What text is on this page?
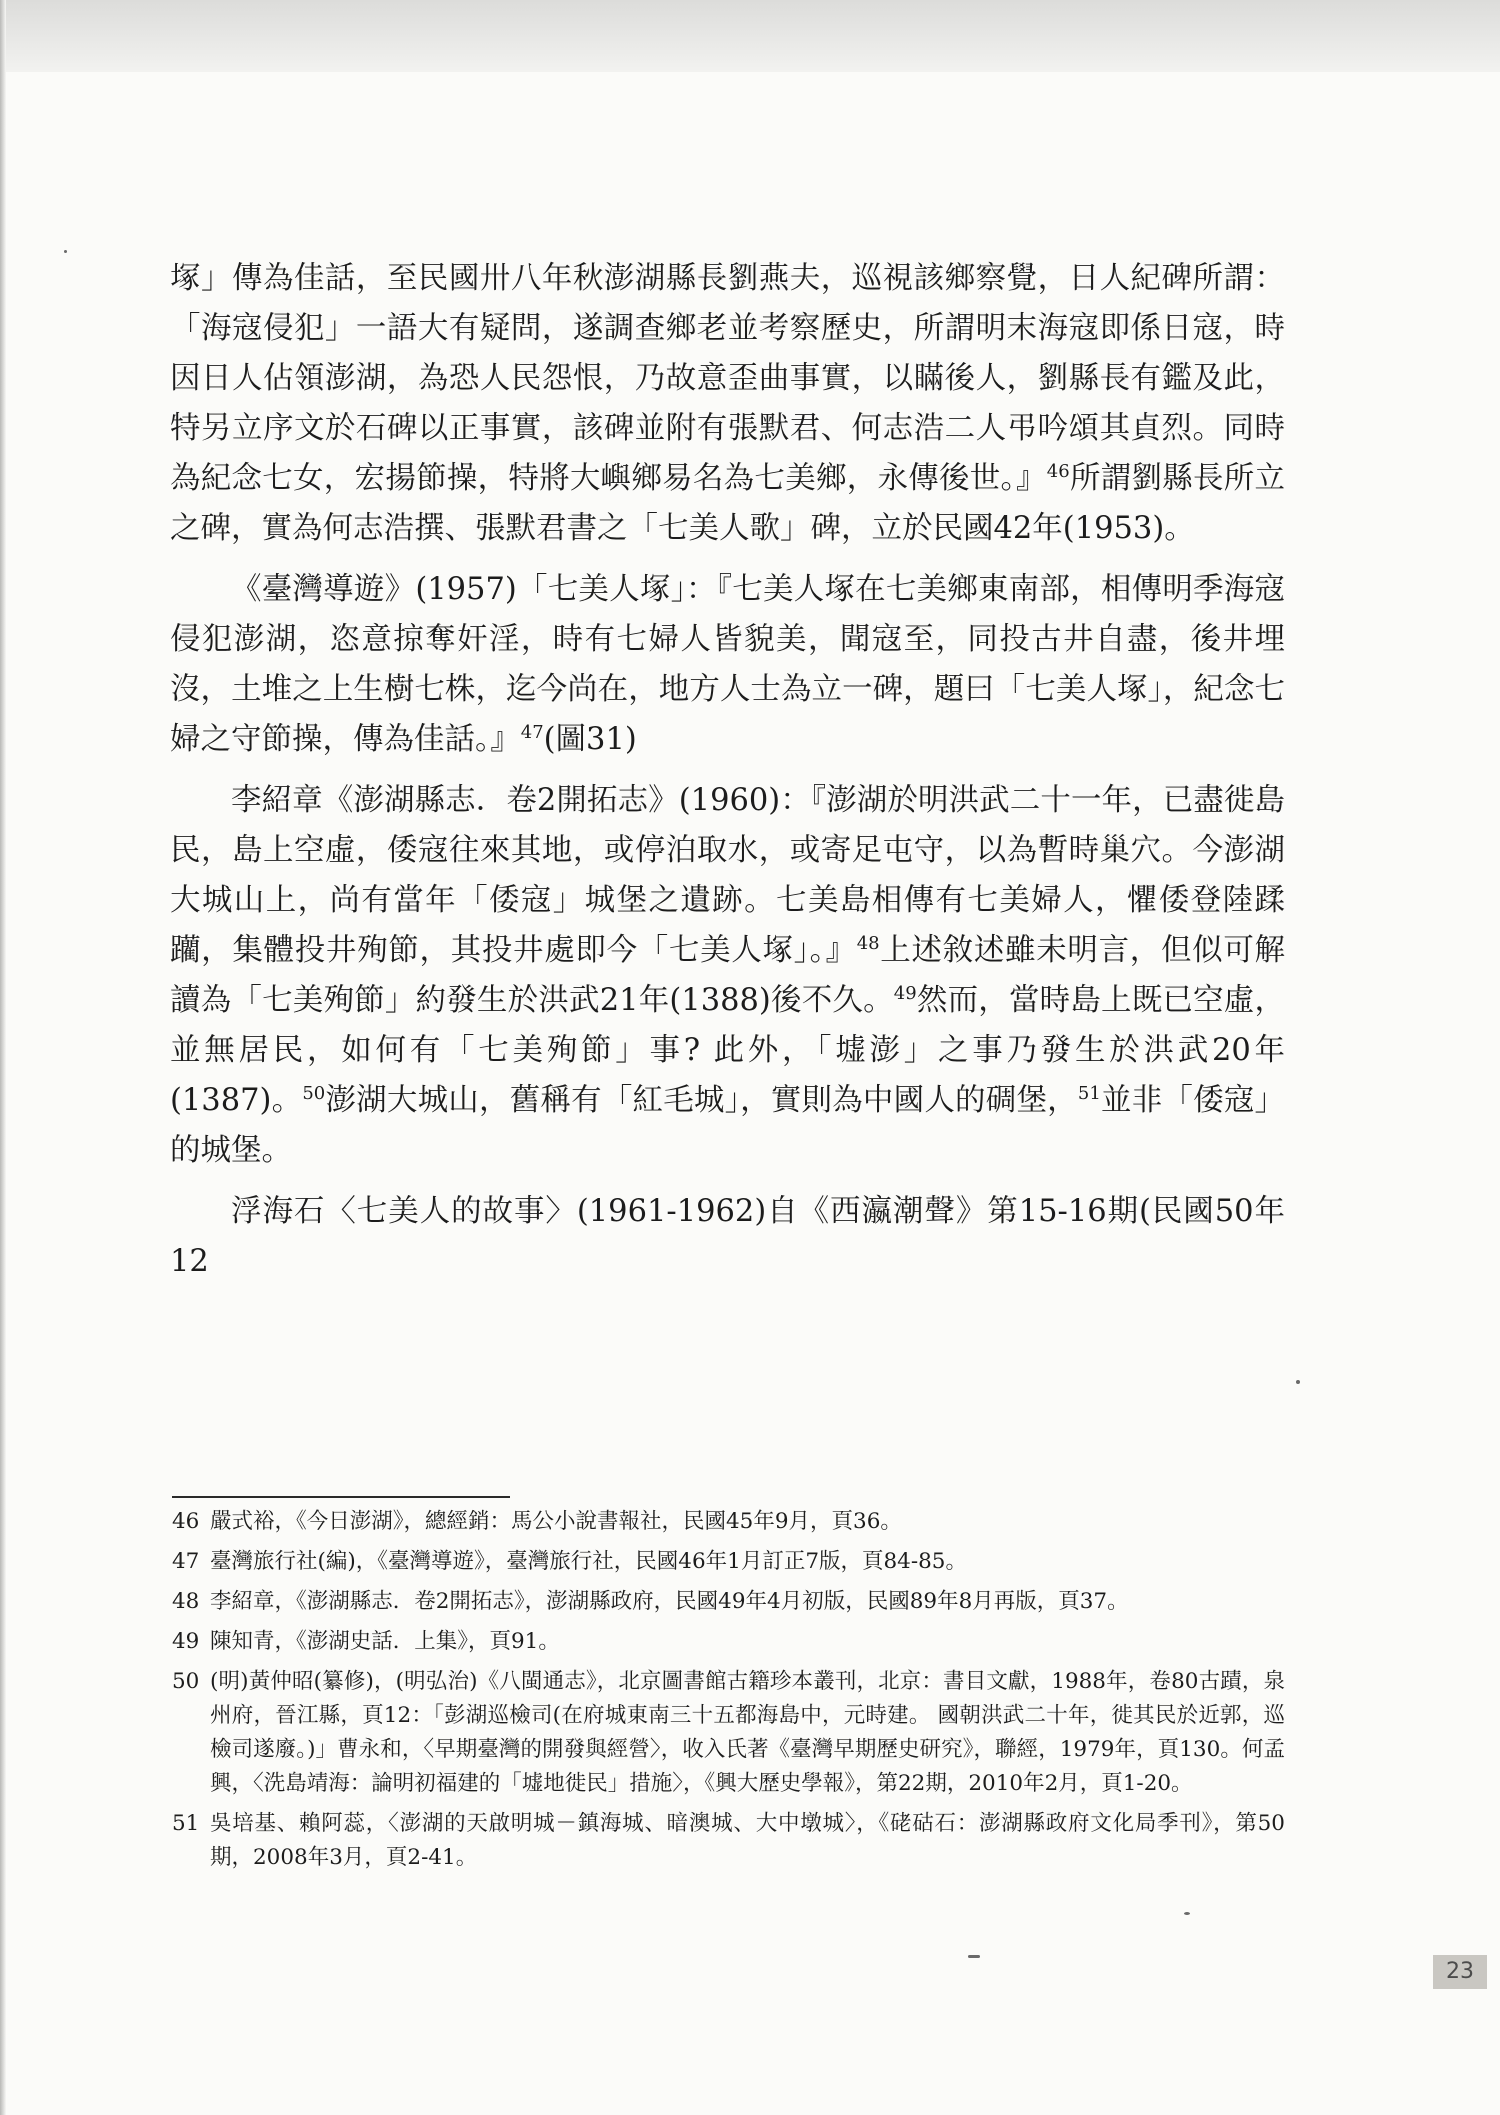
塚」傳為佳話，至民國卅八年秋澎湖縣長劉燕夫，巡視該鄉察覺，日人紀碑所謂：「海寇侵犯」一語大有疑問，遂調查鄉老並考察歷史，所謂明末海寇即係日寇，時因日人佔領澎湖，為恐人民怨恨，乃故意歪曲事實，以瞞後人，劉縣長有鑑及此，特另立序文於石碑以正事實，該碑並附有張默君、何志浩二人弔吟頌其貞烈。同時為紀念七女，宏揚節操，特將大嶼鄉易名為七美鄉，永傳後世。』$^{46}$所謂劉縣長所立之碑，實為何志浩撰、張默君書之「七美人歌」碑，立於民國42年(1953)。

《臺灣導遊》(1957)「七美人塚」：『七美人塚在七美鄉東南部，相傳明季海寇侵犯澎湖，恣意掠奪奸淫，時有七婦人皆貌美，聞寇至，同投古井自盡，後井埋沒，土堆之上生樹七株，迄今尚在，地方人士為立一碑，題曰「七美人塚」，紀念七婦之守節操，傳為佳話。』$^{47}$(圖31)

李紹章《澎湖縣志．卷2開拓志》(1960)：『澎湖於明洪武二十一年，已盡徙島民，島上空虛，倭寇往來其地，或停泊取水，或寄足屯守，以為暫時巢穴。今澎湖大城山上，尚有當年「倭寇」城堡之遺跡。七美島相傳有七美婦人，懼倭登陸蹂躪，集體投井殉節，其投井處即今「七美人塚」。』$^{48}$上述敘述雖未明言，但似可解讀為「七美殉節」約發生於洪武21年(1388)後不久。$^{49}$然而，當時島上既已空虛，並無居民，如何有「七美殉節」事? 此外，「墟澎」之事乃發生於洪武20年(1387)。$^{50}$澎湖大城山，舊稱有「紅毛城」，實則為中國人的碉堡，$^{51}$並非「倭寇」的城堡。

浮海石〈七美人的故事〉(1961-1962)自《西瀛潮聲》第15-16期(民國50年12

46 嚴式裕，《今日澎湖》，總經銷：馬公小說書報社，民國45年9月，頁36。
47 臺灣旅行社(編)，《臺灣導遊》，臺灣旅行社，民國46年1月訂正7版，頁84-85。
48 李紹章，《澎湖縣志．卷2開拓志》，澎湖縣政府，民國49年4月初版，民國89年8月再版，頁37。
49 陳知青，《澎湖史話．上集》，頁91。
50 (明)黃仲昭(纂修)，(明弘治)《八閩通志》，北京圖書館古籍珍本叢刊，北京：書目文獻，1988年，卷80古蹟，泉州府，晉江縣，頁12：「彭湖巡檢司(在府城東南三十五都海島中，元時建。 國朝洪武二十年，徙其民於近郭，巡檢司遂廢。)」曹永和，〈早期臺灣的開發與經營〉，收入氏著《臺灣早期歷史研究》，聯經，1979年，頁130。何孟興，〈洗島靖海：論明初福建的「墟地徙民」措施〉，《興大歷史學報》，第22期，2010年2月，頁1-20。
51 吳培基、賴阿蕊，〈澎湖的天啟明城－鎮海城、暗澳城、大中墩城〉，《硓𥑮石：澎湖縣政府文化局季刊》，第50期，2008年3月，頁2-41。
23
